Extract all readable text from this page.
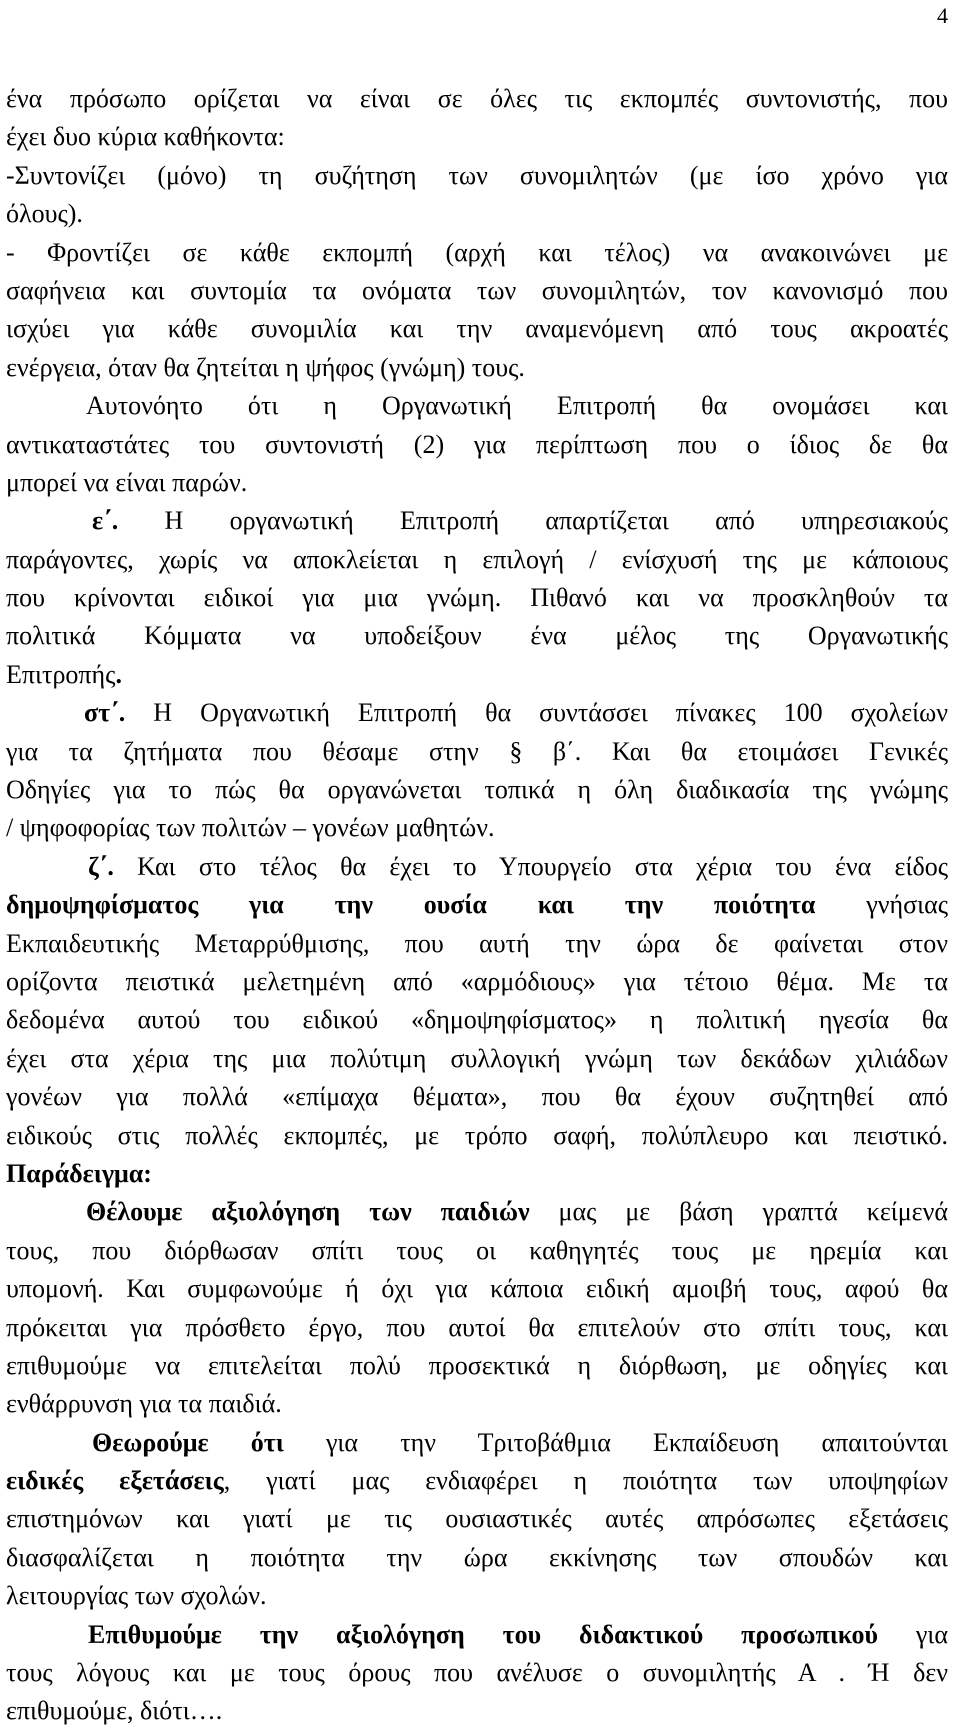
4
ένα πρόσωπο ορίζεται να είναι σε όλες τις εκπομπές συντονιστής, που
έχει δυο κύρια καθήκοντα:
-Συντονίζει (μόνο) τη συζήτηση των συνομιλητών (με ίσο χρόνο για
όλους).
- Φροντίζει σε κάθε εκπομπή (αρχή και τέλος) να ανακοινώνει με
σαφήνεια και συντομία τα ονόματα των συνομιλητών, τον κανονισμό που
ισχύει για κάθε συνομιλία και την αναμενόμενη από τους ακροατές
ενέργεια, όταν θα ζητείται η ψήφος (γνώμη) τους.
Αυτονόητο ότι η Οργανωτική Επιτροπή θα ονομάσει και
αντικαταστάτες του συντονιστή (2) για περίπτωση που ο ίδιος δε θα
μπορεί να είναι παρών.
ε΄. Η οργανωτική Επιτροπή απαρτίζεται από υπηρεσιακούς
παράγοντες, χωρίς να αποκλείεται η επιλογή / ενίσχυσή της με κάποιους
που κρίνονται ειδικοί για μια γνώμη. Πιθανό και να προσκληθούν τα
πολιτικά Κόμματα να υποδείξουν ένα μέλος της Οργανωτικής
Επιτροπής.
στ΄. Η Οργανωτική Επιτροπή θα συντάσσει πίνακες 100 σχολείων
για τα ζητήματα που θέσαμε στην § β΄. Και θα ετοιμάσει Γενικές
Οδηγίες για το πώς θα οργανώνεται τοπικά η όλη διαδικασία της γνώμης
/ ψηφοφορίας των πολιτών – γονέων μαθητών.
ζ΄. Και στο τέλος θα έχει το Υπουργείο στα χέρια του ένα είδος
δημοψηφίσματος για την ουσία και την ποιότητα γνήσιας
Εκπαιδευτικής Μεταρρύθμισης, που αυτή την ώρα δε φαίνεται στον
ορίζοντα πειστικά μελετημένη από «αρμόδιους» για τέτοιο θέμα. Με τα
δεδομένα αυτού του ειδικού «δημοψηφίσματος» η πολιτική ηγεσία θα
έχει στα χέρια της μια πολύτιμη συλλογική γνώμη των δεκάδων χιλιάδων
γονέων για πολλά «επίμαχα θέματα», που θα έχουν συζητηθεί από
ειδικούς στις πολλές εκπομπές, με τρόπο σαφή, πολύπλευρο και πειστικό.
Παράδειγμα:
Θέλουμε αξιολόγηση των παιδιών μας με βάση γραπτά κείμενά
τους, που διόρθωσαν σπίτι τους οι καθηγητές τους με ηρεμία και
υπομονή. Και συμφωνούμε ή όχι για κάποια ειδική αμοιβή τους, αφού θα
πρόκειται για πρόσθετο έργο, που αυτοί θα επιτελούν στο σπίτι τους, και
επιθυμούμε να επιτελείται πολύ προσεκτικά η διόρθωση, με οδηγίες και
ενθάρρυνση για τα παιδιά.
Θεωρούμε ότι για την Τριτοβάθμια Εκπαίδευση απαιτούνται
ειδικές εξετάσεις, γιατί μας ενδιαφέρει η ποιότητα των υποψηφίων
επιστημόνων και γιατί με τις ουσιαστικές αυτές απρόσωπες εξετάσεις
διασφαλίζεται η ποιότητα την ώρα εκκίνησης των σπουδών και
λειτουργίας των σχολών.
Επιθυμούμε την αξιολόγηση του διδακτικού προσωπικού για
τους λόγους και με τους όρους που ανέλυσε ο συνομιλητής Α . Ή δεν
επιθυμούμε, διότι….
